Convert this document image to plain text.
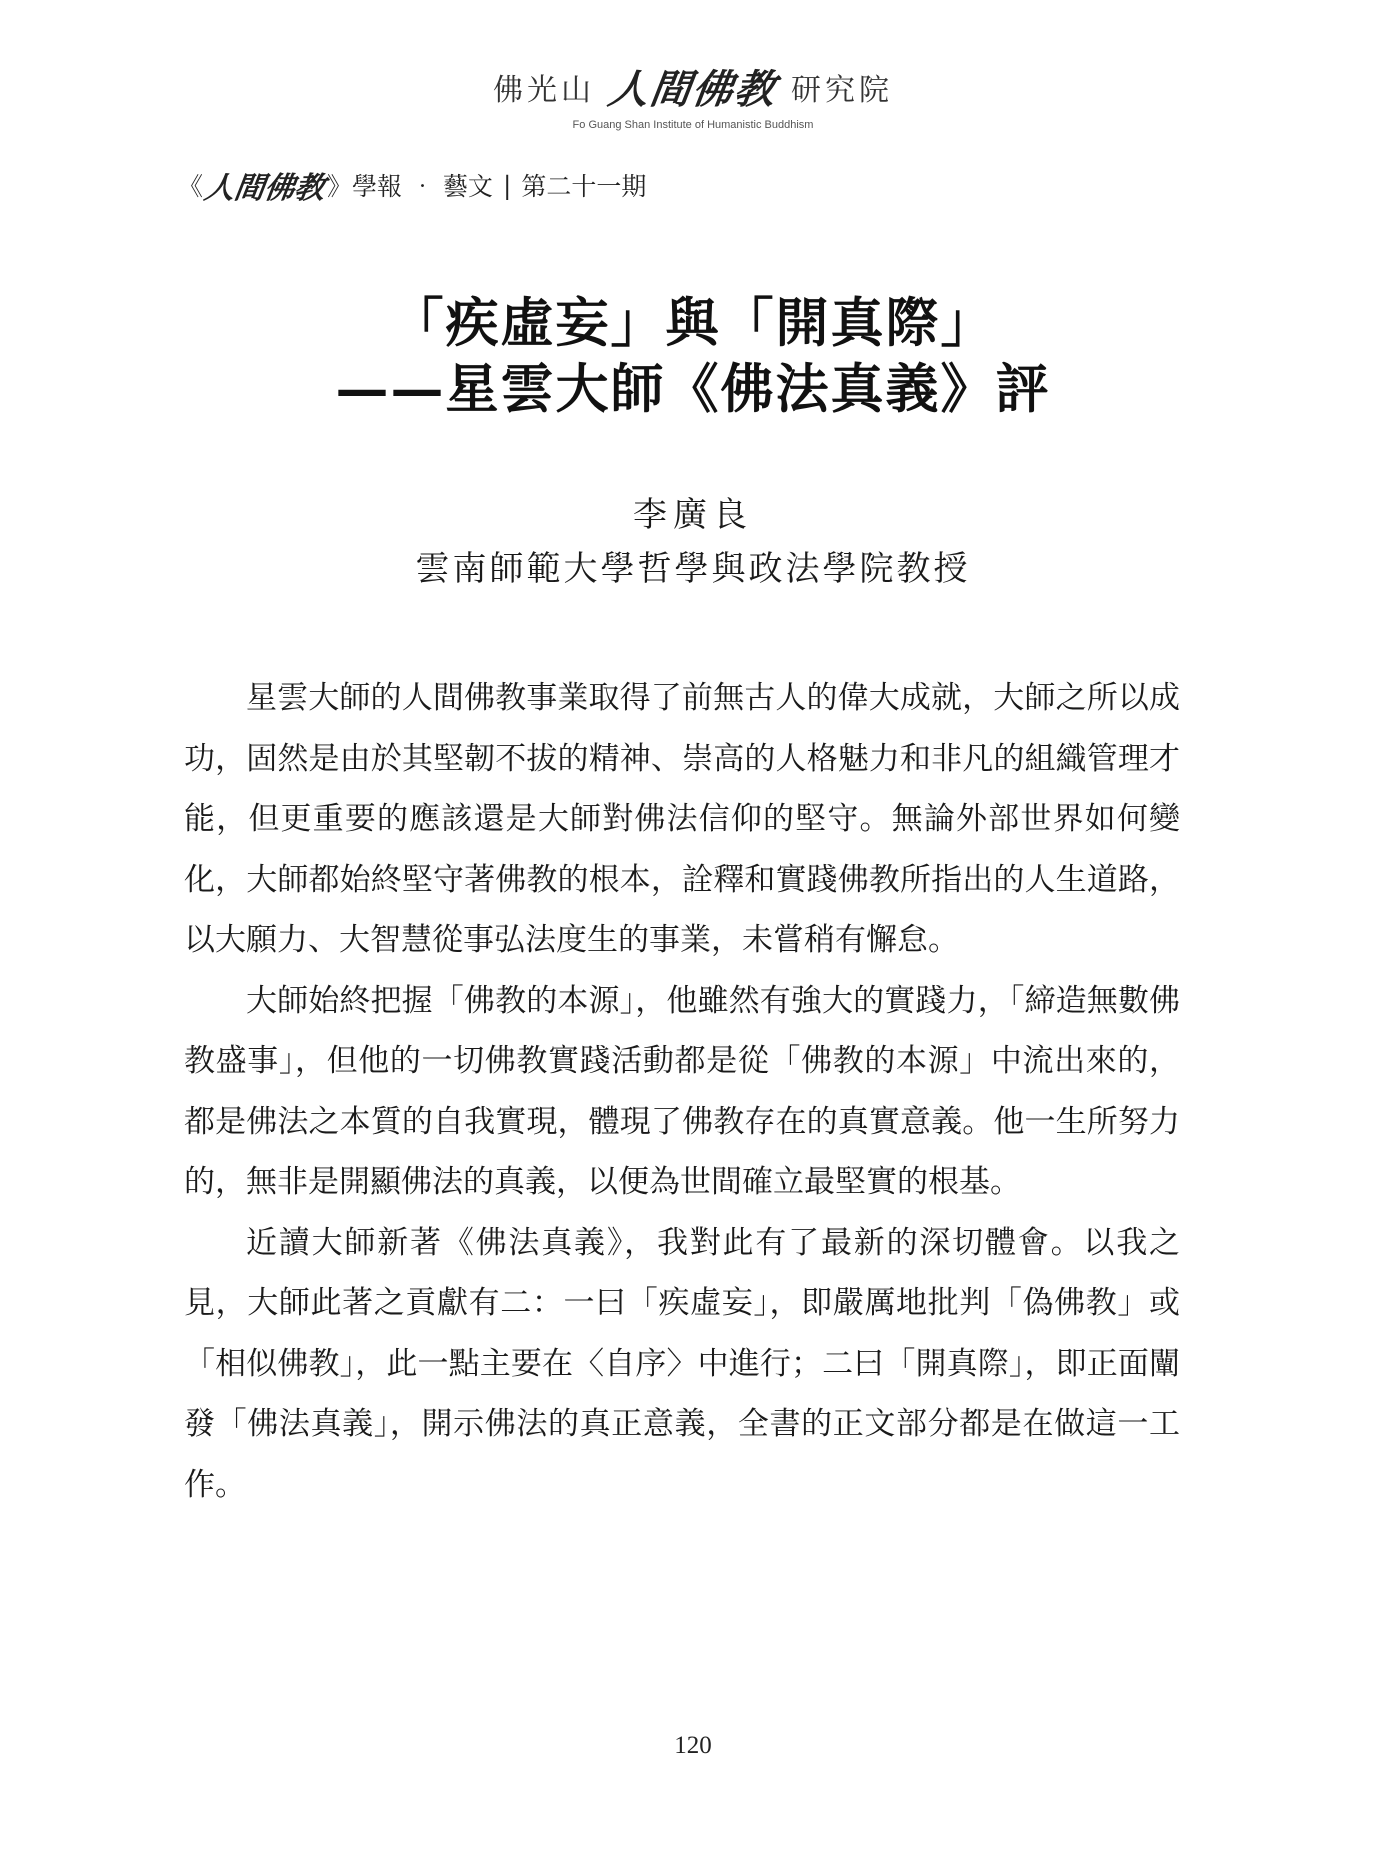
佛光山 人間佛教 研究院
Fo Guang Shan Institute of Humanistic Buddhism
《 人間佛教 》 學報 ‧ 藝文 | 第二十一期
「疾虛妄」與「開真際」
——星雲大師《佛法真義》評
李廣良
雲南師範大學哲學與政法學院教授

星雲大師的人間佛教事業取得了前無古人的偉大成就，大師之所以成功，固然是由於其堅韌不拔的精神、崇高的人格魅力和非凡的組織管理才能，但更重要的應該還是大師對佛法信仰的堅守。無論外部世界如何變化，大師都始終堅守著佛教的根本，詮釋和實踐佛教所指出的人生道路，以大願力、大智慧從事弘法度生的事業，未嘗稍有懈怠。

大師始終把握「佛教的本源」，他雖然有強大的實踐力，「締造無數佛教盛事」，但他的一切佛教實踐活動都是從「佛教的本源」中流出來的，都是佛法之本質的自我實現，體現了佛教存在的真實意義。他一生所努力的，無非是開顯佛法的真義，以便為世間確立最堅實的根基。

近讀大師新著《佛法真義》，我對此有了最新的深切體會。以我之見，大師此著之貢獻有二：一曰「疾虛妄」，即嚴厲地批判「偽佛教」或「相似佛教」，此一點主要在〈自序〉中進行；二曰「開真際」，即正面闡發「佛法真義」，開示佛法的真正意義，全書的正文部分都是在做這一工作。

120
